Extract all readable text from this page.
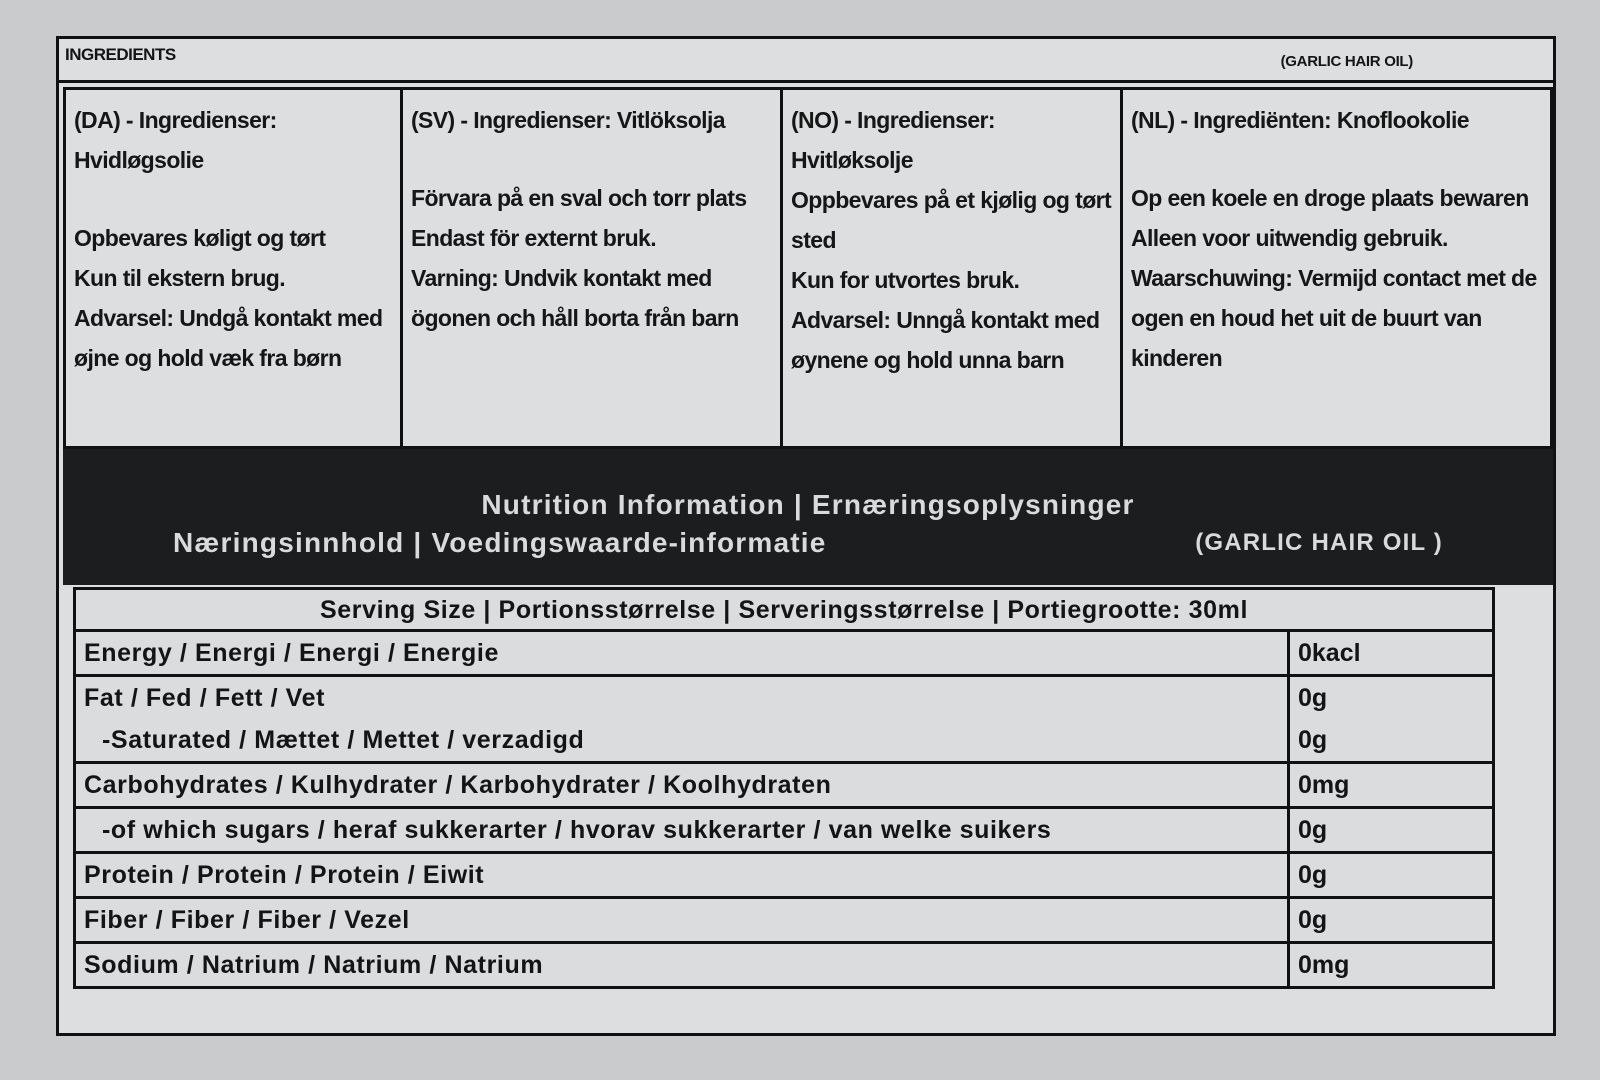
INGREDIENTS	(GARLIC HAIR OIL)

(DA) - Ingredienser: Hvidløgsolie

Opbevares køligt og tørt

Kun til ekstern brug.

Advarsel: Undgå kontakt med øjne og hold væk fra børn

(SV) - Ingredienser: Vitlöksolja

Förvara på en sval och torr plats

Endast för externt bruk.

Varning: Undvik kontakt med ögonen och håll borta från barn

(NO) - Ingredienser: Hvitløksolje

Oppbevares på et kjølig og tørt sted

Kun for utvortes bruk.

Advarsel: Unngå kontakt med øynene og hold unna barn

(NL) - Ingrediënten: Knoflookolie

Op een koele en droge plaats bewaren

Alleen voor uitwendig gebruik.

Waarschuwing: Vermijd contact met de ogen en houd het uit de buurt van kinderen

Nutrition Information | Ernæringsoplysninger
Næringsinnhold | Voedingswaarde-informatie	(GARLIC HAIR OIL )
Serving Size | Portionsstørrelse | Serveringsstørrelse | Portiegrootte: 30ml
Energy / Energi / Energi / Energie	0kacl
Fat / Fed / Fett / Vet	0g
-Saturated / Mættet / Mettet / verzadigd	0g
Carbohydrates / Kulhydrater / Karbohydrater / Koolhydraten	0mg
-of which sugars / heraf sukkerarter / hvorav sukkerarter / van welke suikers	0g
Protein / Protein / Protein / Eiwit	0g
Fiber / Fiber / Fiber / Vezel	0g
Sodium / Natrium / Natrium / Natrium	0mg
